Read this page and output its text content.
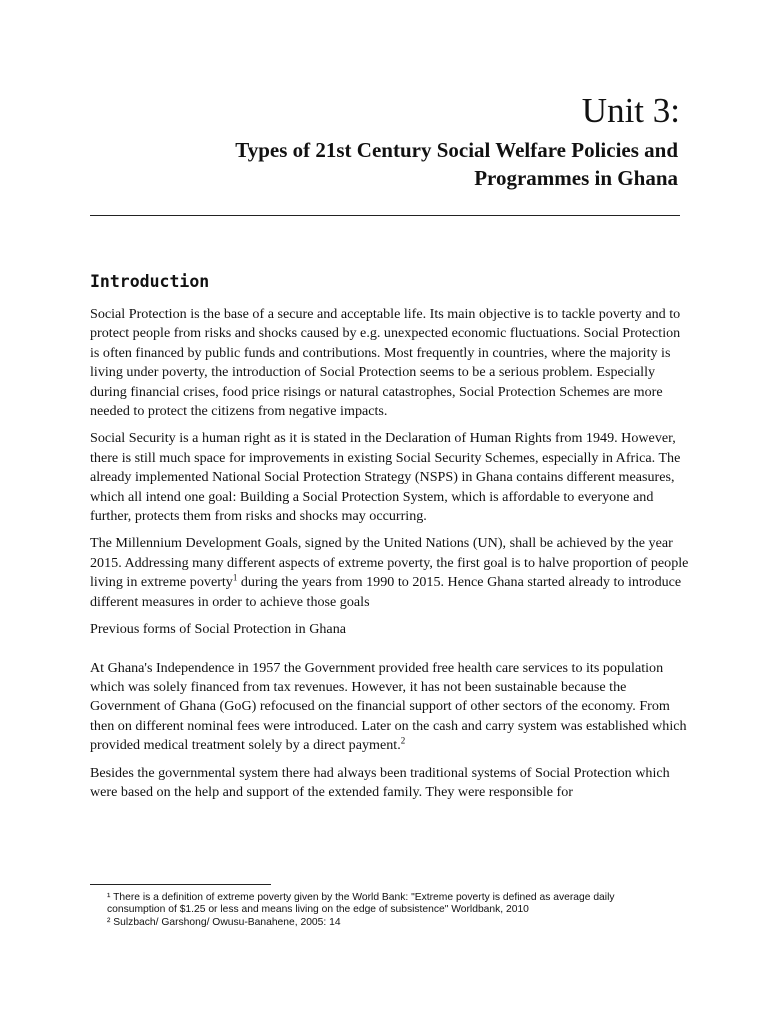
Unit 3:
Types of 21st Century Social Welfare Policies and
Programmes in Ghana
Introduction

Social Protection is the base of a secure and acceptable life. Its main objective is to tackle poverty and to protect people from risks and shocks caused by e.g. unexpected economic fluctuations. Social Protection is often financed by public funds and contributions. Most frequently in countries, where the majority is living under poverty, the introduction of Social Protection seems to be a serious problem. Especially during financial crises, food price risings or natural catastrophes, Social Protection Schemes are more needed to protect the citizens from negative impacts.

Social Security is a human right as it is stated in the Declaration of Human Rights from 1949. However, there is still much space for improvements in existing Social Security Schemes, especially in Africa. The already implemented National Social Protection Strategy (NSPS) in Ghana contains different measures, which all intend one goal: Building a Social Protection System, which is affordable to everyone and further, protects them from risks and shocks may occurring.

The Millennium Development Goals, signed by the United Nations (UN), shall be achieved by the year 2015. Addressing many different aspects of extreme poverty, the first goal is to halve proportion of people living in extreme poverty$^1$ during the years from 1990 to 2015. Hence Ghana started already to introduce different measures in order to achieve those goals

Previous forms of Social Protection in Ghana

At Ghana's Independence in 1957 the Government provided free health care services to its population which was solely financed from tax revenues. However, it has not been sustainable because the Government of Ghana (GoG) refocused on the financial support of other sectors of the economy. From then on different nominal fees were introduced. Later on the cash and carry system was established which provided medical treatment solely by a direct payment.$^2$

Besides the governmental system there had always been traditional systems of Social Protection which were based on the help and support of the extended family. They were responsible for

¹ There is a definition of extreme poverty given by the World Bank: "Extreme poverty is defined as average daily consumption of $1.25 or less and means living on the edge of subsistence" Worldbank, 2010

² Sulzbach/ Garshong/ Owusu-Banahene, 2005: 14
